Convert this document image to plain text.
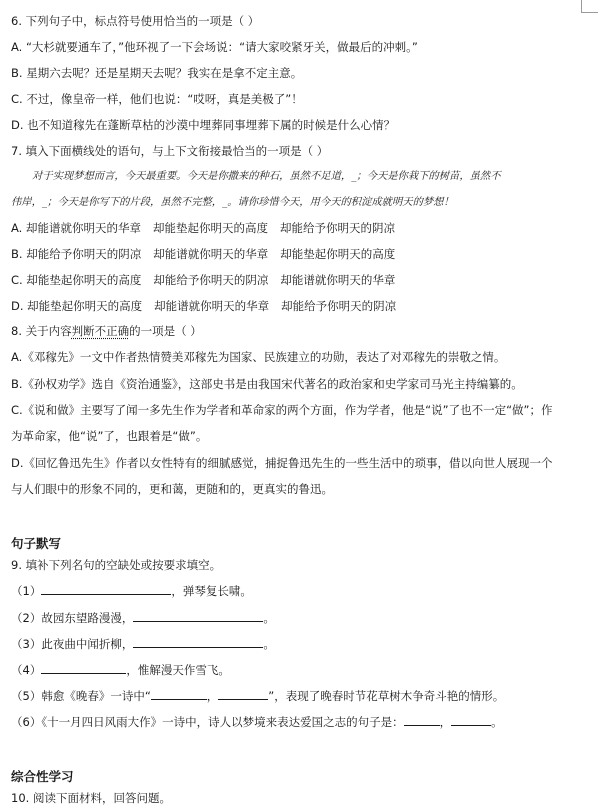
6. 下列句子中，标点符号使用恰当的一项是（ ）
A. “大杉就要通车了，”他环视了一下会场说：“请大家咬紧牙关，做最后的冲刺。”
B. 星期六去呢？还是星期天去呢？我实在是拿不定主意。
C. 不过，像皇帝一样，他们也说：“哎呀，真是美极了”！
D. 也不知道稼先在蓬断草枯的沙漠中埋葬同事埋葬下属的时候是什么心情？
7. 填入下面横线处的语句，与上下文衔接最恰当的一项是（ ）
对于实现梦想而言，今天最重要。今天是你撒来的种石，虽然不足道，_；今天是你栽下的树苗，虽然不
伟岸，_；今天是你写下的片段，虽然不完整，_。请你珍惜今天，用今天的积淀成就明天的梦想！
A. 却能谱就你明天的华章 却能垫起你明天的高度 却能给予你明天的阴凉
B. 却能给予你明天的阴凉 却能谱就你明天的华章 却能垫起你明天的高度
C. 却能垫起你明天的高度 却能给予你明天的阴凉 却能谱就你明天的华章
D. 却能垫起你明天的高度 却能谱就你明天的华章 却能给予你明天的阴凉
8. 关于内容判断不正确的一项是（ ）
A.《邓稼先》一文中作者热情赞美邓稼先为国家、民族建立的功勋，表达了对邓稼先的崇敬之情。
B.《孙权劝学》选自《资治通鉴》，这部史书是由我国宋代著名的政治家和史学家司马光主持编纂的。
C.《说和做》主要写了闻一多先生作为学者和革命家的两个方面，作为学者，他是“说”了也不一定“做”；作
为革命家，他“说”了，也跟着是“做”。
D.《回忆鲁迅先生》作者以女性特有的细腻感觉，捕捉鲁迅先生的一些生活中的琐事，借以向世人展现一个
与人们眼中的形象不同的，更和蔼，更随和的，更真实的鲁迅。
句子默写
9. 填补下列名句的空缺处或按要求填空。
（1）	，弹琴复长啸。
（2）故园东望路漫漫，	。
（3）此夜曲中闻折柳，	。
（4）	，惟解漫天作雪飞。
（5）韩愈《晚春》一诗中“	，	”，表现了晚春时节花草树木争奇斗艳的情形。
（6）《十一月四日风雨大作》一诗中，诗人以梦境来表达爱国之志的句子是：	，	。
综合性学习
10. 阅读下面材料，回答问题。
